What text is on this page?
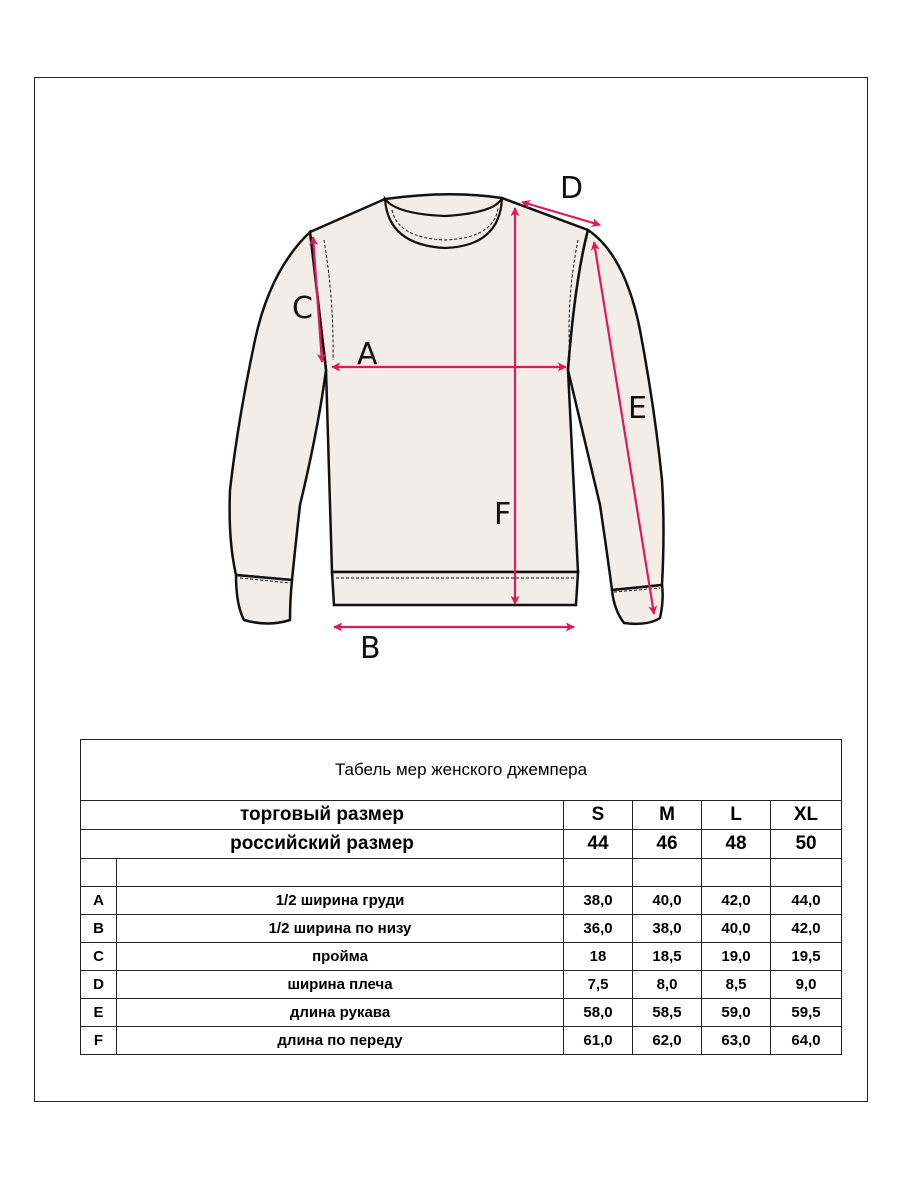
A
B
C
D
E
F
Табель мер женского джемпера					
торговый размер		S	M	L	XL
российский размер		44	46	48	50

A	1/2 ширина груди	38,0	40,0	42,0	44,0
B	1/2 ширина по низу	36,0	38,0	40,0	42,0
C	пройма	18	18,5	19,0	19,5
D	ширина плеча	7,5	8,0	8,5	9,0
E	длина рукава	58,0	58,5	59,0	59,5
F	длина по переду	61,0	62,0	63,0	64,0
